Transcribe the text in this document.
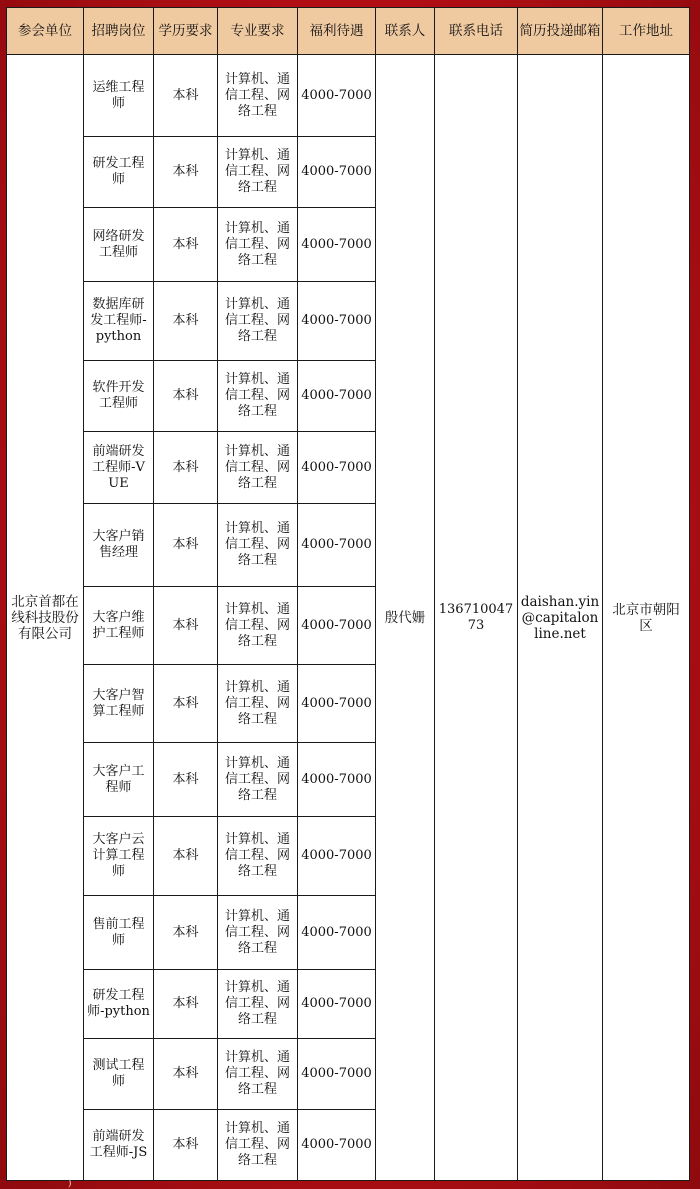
参会单位	招聘岗位	学历要求	专业要求	福利待遇	联系人	联系电话	简历投递邮箱	工作地址
北京首都在线科技股份有限公司	运维工程师	本科	计算机、通信工程、网络工程	4000-7000	殷代姗	13671004773	daishan.yin@capitalonline.net	北京市朝阳区
	研发工程师	本科	计算机、通信工程、网络工程	4000-7000				
	网络研发工程师	本科	计算机、通信工程、网络工程	4000-7000				
	数据库研发工程师-python	本科	计算机、通信工程、网络工程	4000-7000				
	软件开发工程师	本科	计算机、通信工程、网络工程	4000-7000				
	前端研发工程师-VUE	本科	计算机、通信工程、网络工程	4000-7000				
	大客户销售经理	本科	计算机、通信工程、网络工程	4000-7000				
	大客户维护工程师	本科	计算机、通信工程、网络工程	4000-7000				
	大客户智算工程师	本科	计算机、通信工程、网络工程	4000-7000				
	大客户工程师	本科	计算机、通信工程、网络工程	4000-7000				
	大客户云计算工程师	本科	计算机、通信工程、网络工程	4000-7000				
	售前工程师	本科	计算机、通信工程、网络工程	4000-7000				
	研发工程师-python	本科	计算机、通信工程、网络工程	4000-7000				
	测试工程师	本科	计算机、通信工程、网络工程	4000-7000				
	前端研发工程师-JS	本科	计算机、通信工程、网络工程	4000-7000				
)
